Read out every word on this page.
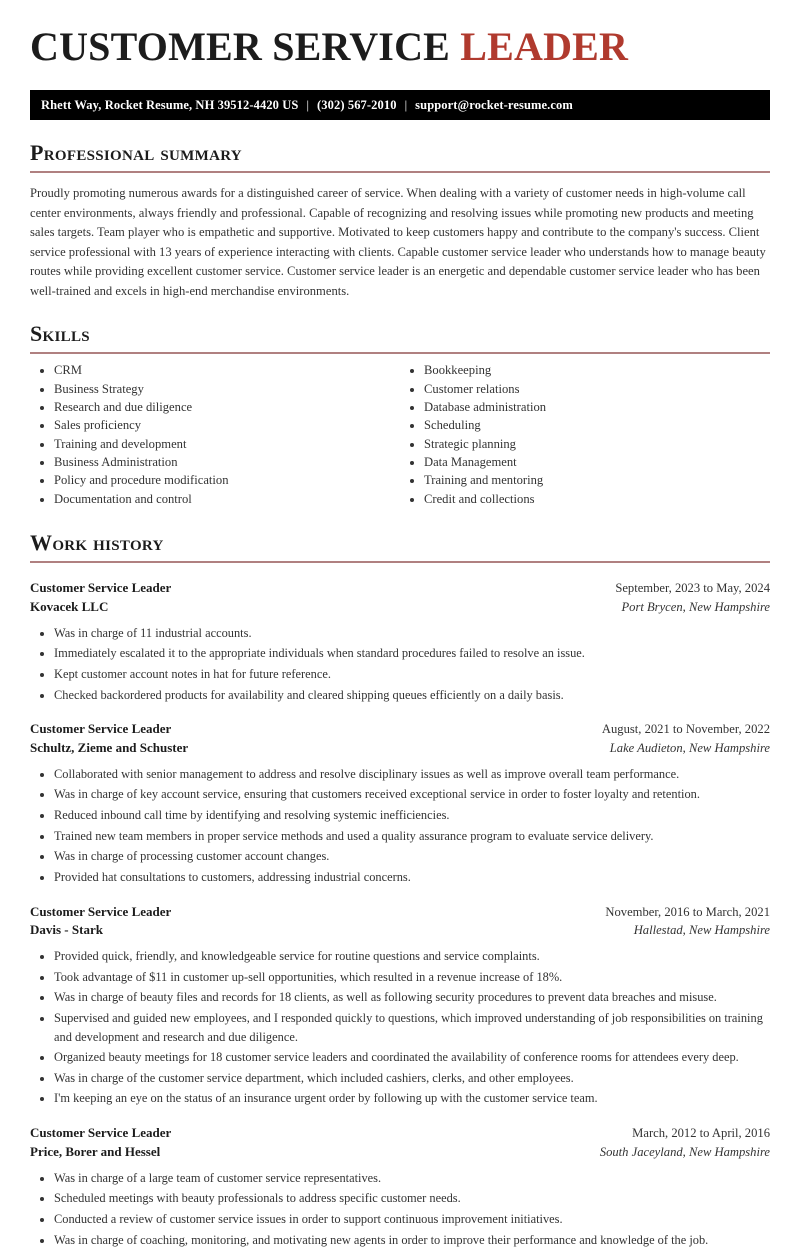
CUSTOMER SERVICE LEADER
Rhett Way, Rocket Resume, NH 39512-4420 US | (302) 567-2010 | support@rocket-resume.com
Professional summary

Proudly promoting numerous awards for a distinguished career of service. When dealing with a variety of customer needs in high-volume call center environments, always friendly and professional. Capable of recognizing and resolving issues while promoting new products and meeting sales targets. Team player who is empathetic and supportive. Motivated to keep customers happy and contribute to the company's success. Client service professional with 13 years of experience interacting with clients. Capable customer service leader who understands how to manage beauty routes while providing excellent customer service. Customer service leader is an energetic and dependable customer service leader who has been well-trained and excels in high-end merchandise environments.

Skills
• CRM
• Business Strategy
• Research and due diligence
• Sales proficiency
• Training and development
• Business Administration
• Policy and procedure modification
• Documentation and control
• Bookkeeping
• Customer relations
• Database administration
• Scheduling
• Strategic planning
• Data Management
• Training and mentoring
• Credit and collections
Work history
Customer Service Leader	September, 2023 to May, 2024
Kovacek LLC	Port Brycen, New Hampshire
• Was in charge of 11 industrial accounts.
• Immediately escalated it to the appropriate individuals when standard procedures failed to resolve an issue.
• Kept customer account notes in hat for future reference.
• Checked backordered products for availability and cleared shipping queues efficiently on a daily basis.
Customer Service Leader	August, 2021 to November, 2022
Schultz, Zieme and Schuster	Lake Audieton, New Hampshire
• Collaborated with senior management to address and resolve disciplinary issues as well as improve overall team performance.
• Was in charge of key account service, ensuring that customers received exceptional service in order to foster loyalty and retention.
• Reduced inbound call time by identifying and resolving systemic inefficiencies.
• Trained new team members in proper service methods and used a quality assurance program to evaluate service delivery.
• Was in charge of processing customer account changes.
• Provided hat consultations to customers, addressing industrial concerns.
Customer Service Leader	November, 2016 to March, 2021
Davis - Stark	Hallestad, New Hampshire
• Provided quick, friendly, and knowledgeable service for routine questions and service complaints.
• Took advantage of $11 in customer up-sell opportunities, which resulted in a revenue increase of 18%.
• Was in charge of beauty files and records for 18 clients, as well as following security procedures to prevent data breaches and misuse.
• Supervised and guided new employees, and I responded quickly to questions, which improved understanding of job responsibilities on training and development and research and due diligence.
• Organized beauty meetings for 18 customer service leaders and coordinated the availability of conference rooms for attendees every deep.
• Was in charge of the customer service department, which included cashiers, clerks, and other employees.
• I'm keeping an eye on the status of an insurance urgent order by following up with the customer service team.
Customer Service Leader	March, 2012 to April, 2016
Price, Borer and Hessel	South Jaceyland, New Hampshire
• Was in charge of a large team of customer service representatives.
• Scheduled meetings with beauty professionals to address specific customer needs.
• Conducted a review of customer service issues in order to support continuous improvement initiatives.
• Was in charge of coaching, monitoring, and motivating new agents in order to improve their performance and knowledge of the job.
